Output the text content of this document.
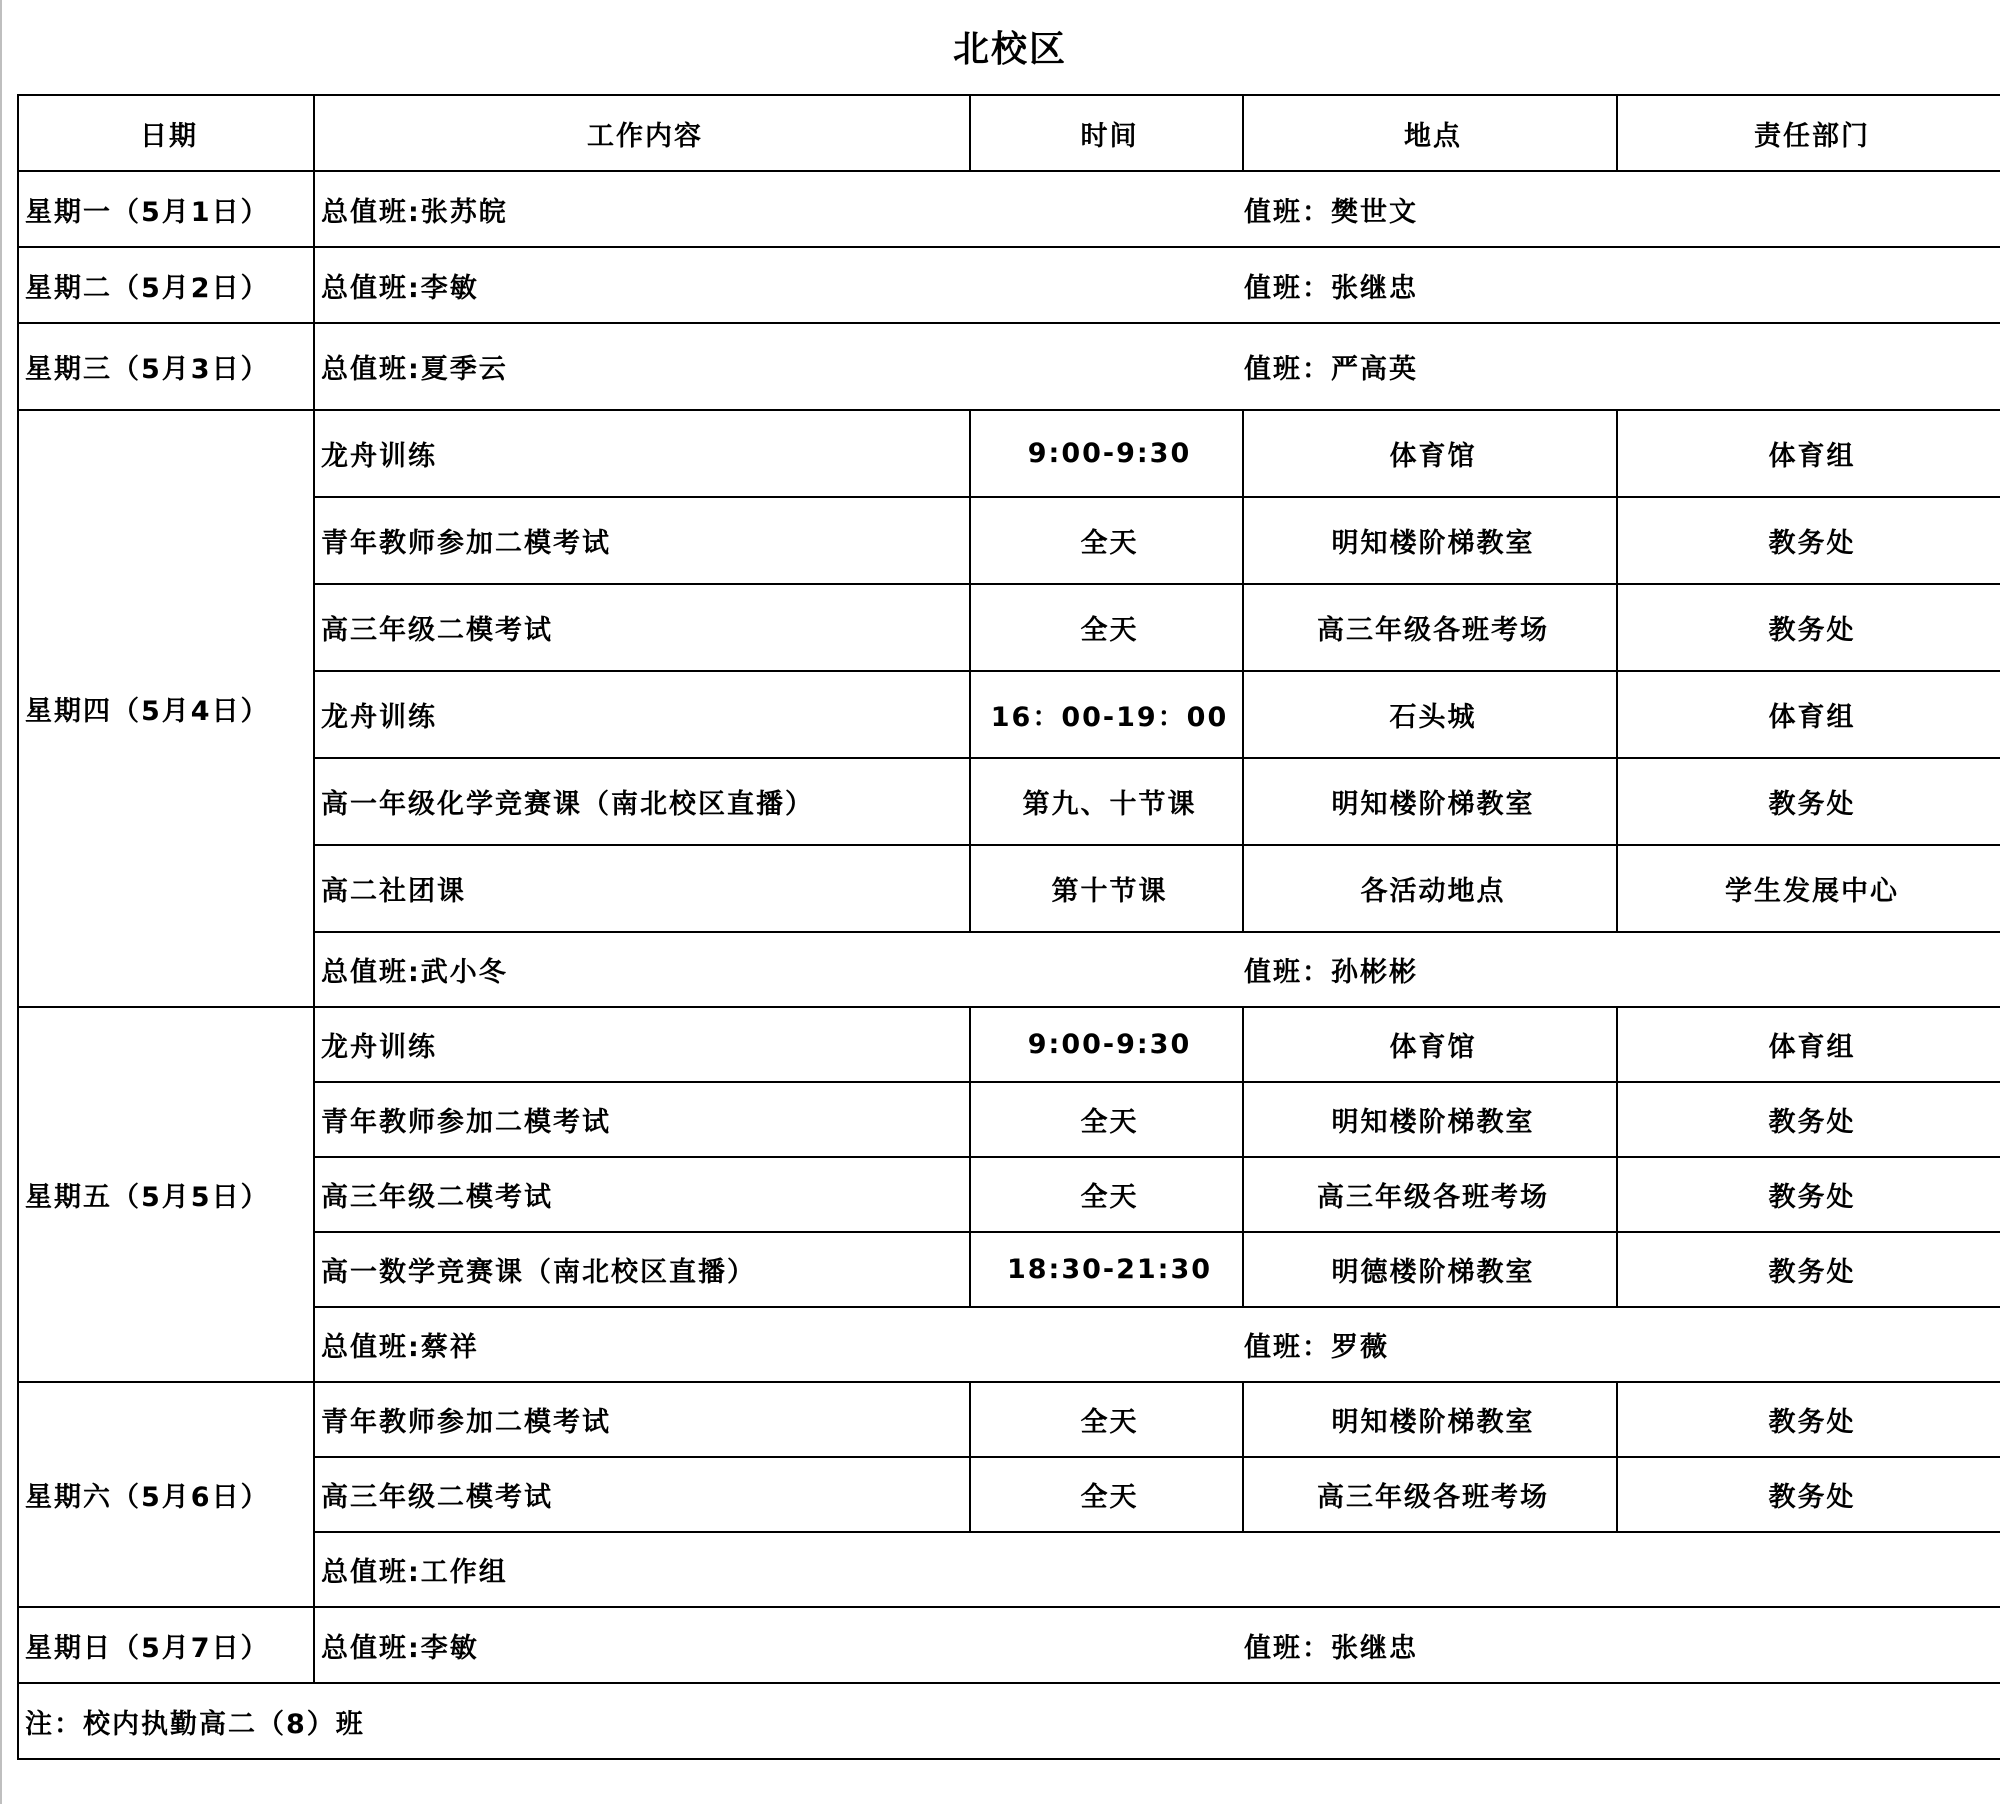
北校区
日期	工作内容	时间	地点	责任部门
星期一（5月1日）	总值班:张苏皖 值班：樊世文			

星期二（5月2日）	总值班:李敏 值班：张继忠			

星期三（5月3日）	总值班:夏季云 值班：严高英			

星期四（5月4日）	龙舟训练	9:00-9:30	体育馆	体育组
	青年教师参加二模考试	全天	明知楼阶梯教室	教务处
	高三年级二模考试	全天	高三年级各班考场	教务处
	龙舟训练	16：00-19：00	石头城	体育组
	高一年级化学竞赛课（南北校区直播）	第九、十节课	明知楼阶梯教室	教务处
	高二社团课	第十节课	各活动地点	学生发展中心

	总值班:武小冬 值班：孙彬彬			

星期五（5月5日）	龙舟训练	9:00-9:30	体育馆	体育组
	青年教师参加二模考试	全天	明知楼阶梯教室	教务处
	高三年级二模考试	全天	高三年级各班考场	教务处
	高一数学竞赛课（南北校区直播）	18:30-21:30	明德楼阶梯教室	教务处

	总值班:蔡祥 值班：罗薇			

星期六（5月6日）	青年教师参加二模考试	全天	明知楼阶梯教室	教务处
	高三年级二模考试	全天	高三年级各班考场	教务处

	总值班:工作组			

星期日（5月7日）	总值班:李敏 值班：张继忠			

注：校内执勤高二（8）班				
